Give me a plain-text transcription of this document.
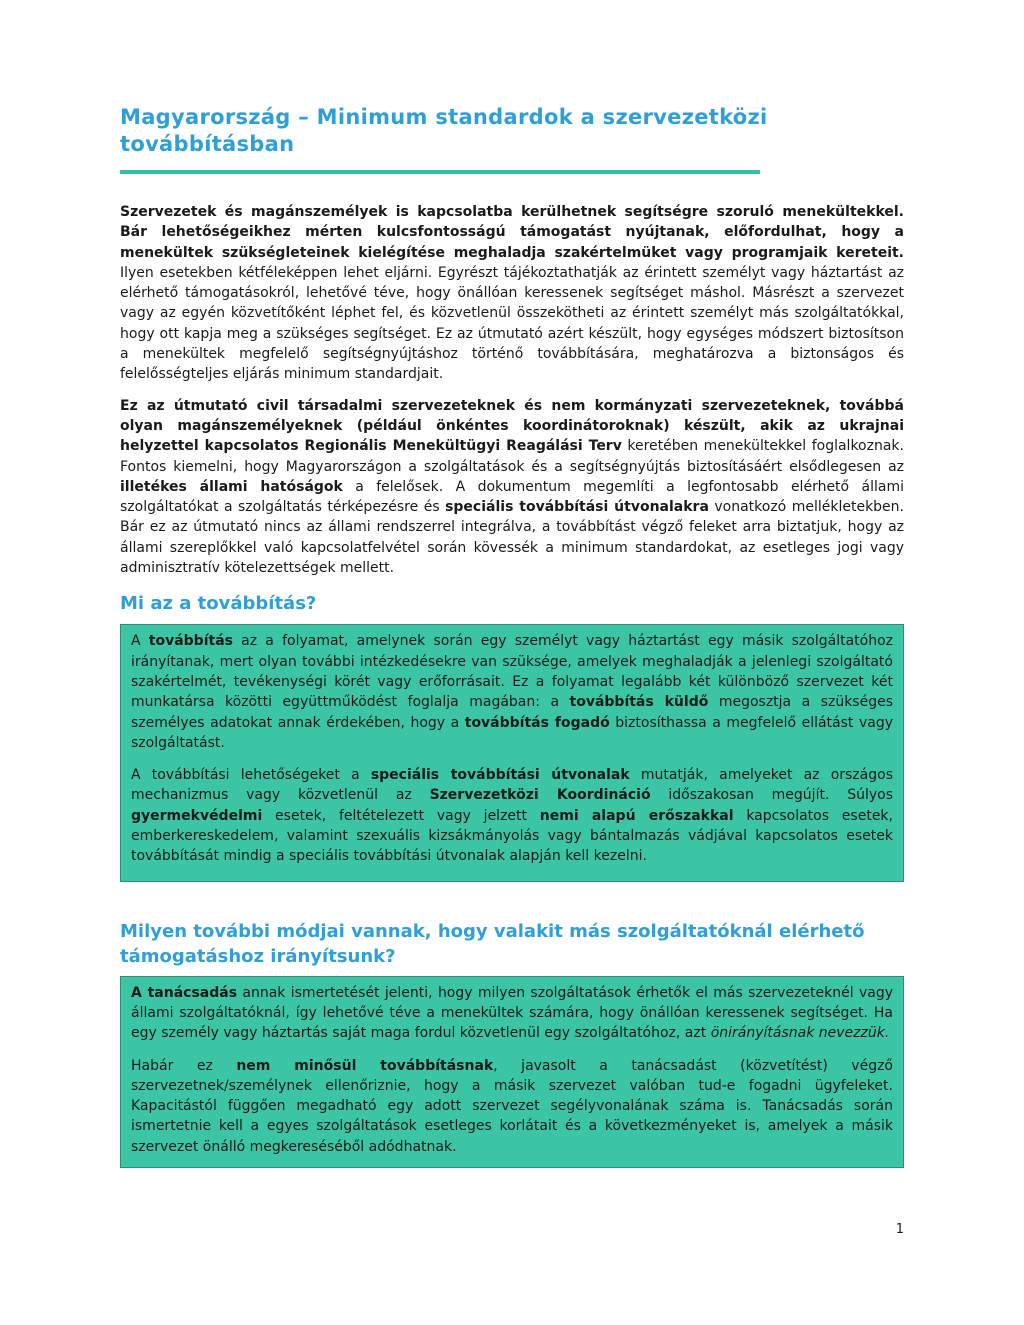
Magyarország – Minimum standardok a szervezetközi továbbításban

Szervezetek és magánszemélyek is kapcsolatba kerülhetnek segítségre szoruló menekültekkel. Bár lehetőségeikhez mérten kulcsfontosságú támogatást nyújtanak, előfordulhat, hogy a menekültek szükségleteinek kielégítése meghaladja szakértelmüket vagy programjaik kereteit. Ilyen esetekben kétféleképpen lehet eljárni. Egyrészt tájékoztathatják az érintett személyt vagy háztartást az elérhető támogatásokról, lehetővé téve, hogy önállóan keressenek segítséget máshol. Másrészt a szervezet vagy az egyén közvetítőként léphet fel, és közvetlenül összekötheti az érintett személyt más szolgáltatókkal, hogy ott kapja meg a szükséges segítséget. Ez az útmutató azért készült, hogy egységes módszert biztosítson a menekültek megfelelő segítségnyújtáshoz történő továbbítására, meghatározva a biztonságos és felelősségteljes eljárás minimum standardjait.

Ez az útmutató civil társadalmi szervezeteknek és nem kormányzati szervezeteknek, továbbá olyan magánszemélyeknek (például önkéntes koordinátoroknak) készült, akik az ukrajnai helyzettel kapcsolatos Regionális Menekültügyi Reagálási Terv keretében menekültekkel foglalkoznak. Fontos kiemelni, hogy Magyarországon a szolgáltatások és a segítségnyújtás biztosításáért elsődlegesen az illetékes állami hatóságok a felelősek. A dokumentum megemlíti a legfontosabb elérhető állami szolgáltatókat a szolgáltatás térképezésre és speciális továbbítási útvonalakra vonatkozó mellékletekben. Bár ez az útmutató nincs az állami rendszerrel integrálva, a továbbítást végző feleket arra biztatjuk, hogy az állami szereplőkkel való kapcsolatfelvétel során kövessék a minimum standardokat, az esetleges jogi vagy adminisztratív kötelezettségek mellett.

Mi az a továbbítás?

A továbbítás az a folyamat, amelynek során egy személyt vagy háztartást egy másik szolgáltatóhoz irányítanak, mert olyan további intézkedésekre van szüksége, amelyek meghaladják a jelenlegi szolgáltató szakértelmét, tevékenységi körét vagy erőforrásait. Ez a folyamat legalább két különböző szervezet két munkatársa közötti együttműködést foglalja magában: a továbbítás küldő megosztja a szükséges személyes adatokat annak érdekében, hogy a továbbítás fogadó biztosíthassa a megfelelő ellátást vagy szolgáltatást.

A továbbítási lehetőségeket a speciális továbbítási útvonalak mutatják, amelyeket az országos mechanizmus vagy közvetlenül az Szervezetközi Koordináció időszakosan megújít. Súlyos gyermekvédelmi esetek, feltételezett vagy jelzett nemi alapú erőszakkal kapcsolatos esetek, emberkereskedelem, valamint szexuális kizsákmányolás vagy bántalmazás vádjával kapcsolatos esetek továbbítását mindig a speciális továbbítási útvonalak alapján kell kezelni.

Milyen további módjai vannak, hogy valakit más szolgáltatóknál elérhető támogatáshoz irányítsunk?

A tanácsadás annak ismertetését jelenti, hogy milyen szolgáltatások érhetők el más szervezeteknél vagy állami szolgáltatóknál, így lehetővé téve a menekültek számára, hogy önállóan keressenek segítséget. Ha egy személy vagy háztartás saját maga fordul közvetlenül egy szolgáltatóhoz, azt önirányításnak nevezzük.

Habár ez nem minősül továbbításnak, javasolt a tanácsadást (közvetítést) végző szervezetnek/személynek ellenőriznie, hogy a másik szervezet valóban tud-e fogadni ügyfeleket. Kapacitástól függően megadható egy adott szervezet segélyvonalának száma is. Tanácsadás során ismertetnie kell a egyes szolgáltatások esetleges korlátait és a következményeket is, amelyek a másik szervezet önálló megkereséséből adódhatnak.

1
